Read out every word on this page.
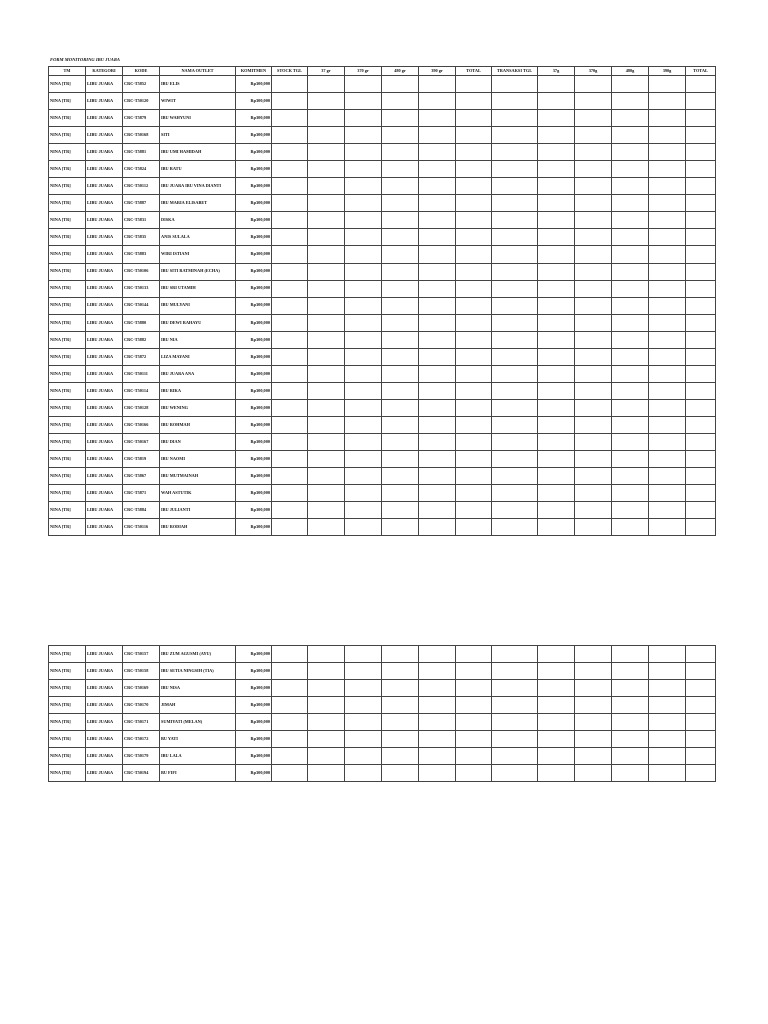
FORM MONITORING IBU JUARA
TM	KATEGORI	KODE	NAMA OUTLET	KOMITMEN	STOCK TGL	37 gr	370 gr	480 gr	390 gr	TOTAL	TRANSAKSI TGL	37g	370g	480g	390g	TOTAL
NINA [TR]	LIBU JUARA	CRC-T5852	IBU ELIS	Rp300,000												
NINA [TR]	LIBU JUARA	CRC-T50120	WIWIT	Rp300,000												
NINA [TR]	LIBU JUARA	CRC-T5879	IBU WAHYUNI	Rp300,000												
NINA [TR]	LIBU JUARA	CRC-T50168	SITI	Rp300,000												
NINA [TR]	LIBU JUARA	CRC-T5881	IBU UMI HAMIDAH	Rp300,000												
NINA [TR]	LIBU JUARA	CRC-T5824	IBU RATU	Rp300,000												
NINA [TR]	LIBU JUARA	CRC-T50112	IBU JUARA IBU VINA DIANTI	Rp300,000												
NINA [TR]	LIBU JUARA	CRC-T5887	IBU MARIA ELISABET	Rp300,000												
NINA [TR]	LIBU JUARA	CRC-T5831	DISKA	Rp300,000												
NINA [TR]	LIBU JUARA	CRC-T5835	ANIS SULALA	Rp300,000												
NINA [TR]	LIBU JUARA	CRC-T5883	WIRI ISTIANI	Rp300,000												
NINA [TR]	LIBU JUARA	CRC-T50106	IBU SITI RATMINAH (ECHA)	Rp300,000												
NINA [TR]	LIBU JUARA	CRC-T50133	IBU SRI UTAMIH	Rp300,000												
NINA [TR]	LIBU JUARA	CRC-T50144	IBU MULYANI	Rp300,000												
NINA [TR]	LIBU JUARA	CRC-T5880	IBU DEWI RAHAYU	Rp300,000												
NINA [TR]	LIBU JUARA	CRC-T5882	IBU NIA	Rp300,000												
NINA [TR]	LIBU JUARA	CRC-T5872	LIZA MAYANI	Rp300,000												
NINA [TR]	LIBU JUARA	CRC-T50111	IBU JUARA ANA	Rp300,000												
NINA [TR]	LIBU JUARA	CRC-T50114	IBU RIKA	Rp300,000												
NINA [TR]	LIBU JUARA	CRC-T50128	IBU WENING	Rp300,000												
NINA [TR]	LIBU JUARA	CRC-T50166	IBU ROHMAH	Rp300,000												
NINA [TR]	LIBU JUARA	CRC-T50167	IBU DIAN	Rp300,000												
NINA [TR]	LIBU JUARA	CRC-T5819	IBU NAOMI	Rp300,000												
NINA [TR]	LIBU JUARA	CRC-T5867	IBU MUTMAINAH	Rp300,000												
NINA [TR]	LIBU JUARA	CRC-T5871	WAH ASTUTIK	Rp300,000												
NINA [TR]	LIBU JUARA	CRC-T5884	IBU JULIANTI	Rp300,000												
NINA [TR]	LIBU JUARA	CRC-T50116	IBU RODIAH	Rp300,000												
NINA [TR]	LIBU JUARA	CRC-T50157	IBU ZUM AGUSMI (AYU)	Rp300,000												
NINA [TR]	LIBU JUARA	CRC-T50158	IBU SETIA NINGSIH (TIA)	Rp300,000												
NINA [TR]	LIBU JUARA	CRC-T50169	IBU NISA	Rp300,000												
NINA [TR]	LIBU JUARA	CRC-T50170	JIMAH	Rp300,000												
NINA [TR]	LIBU JUARA	CRC-T50171	SUMIYATI (MELAN)	Rp300,000												
NINA [TR]	LIBU JUARA	CRC-T50172	BU YATI	Rp300,000												
NINA [TR]	LIBU JUARA	CRC-T50179	IBU LALA	Rp300,000												
NINA [TR]	LIBU JUARA	CRC-T50194	BU FIFI	Rp300,000												
